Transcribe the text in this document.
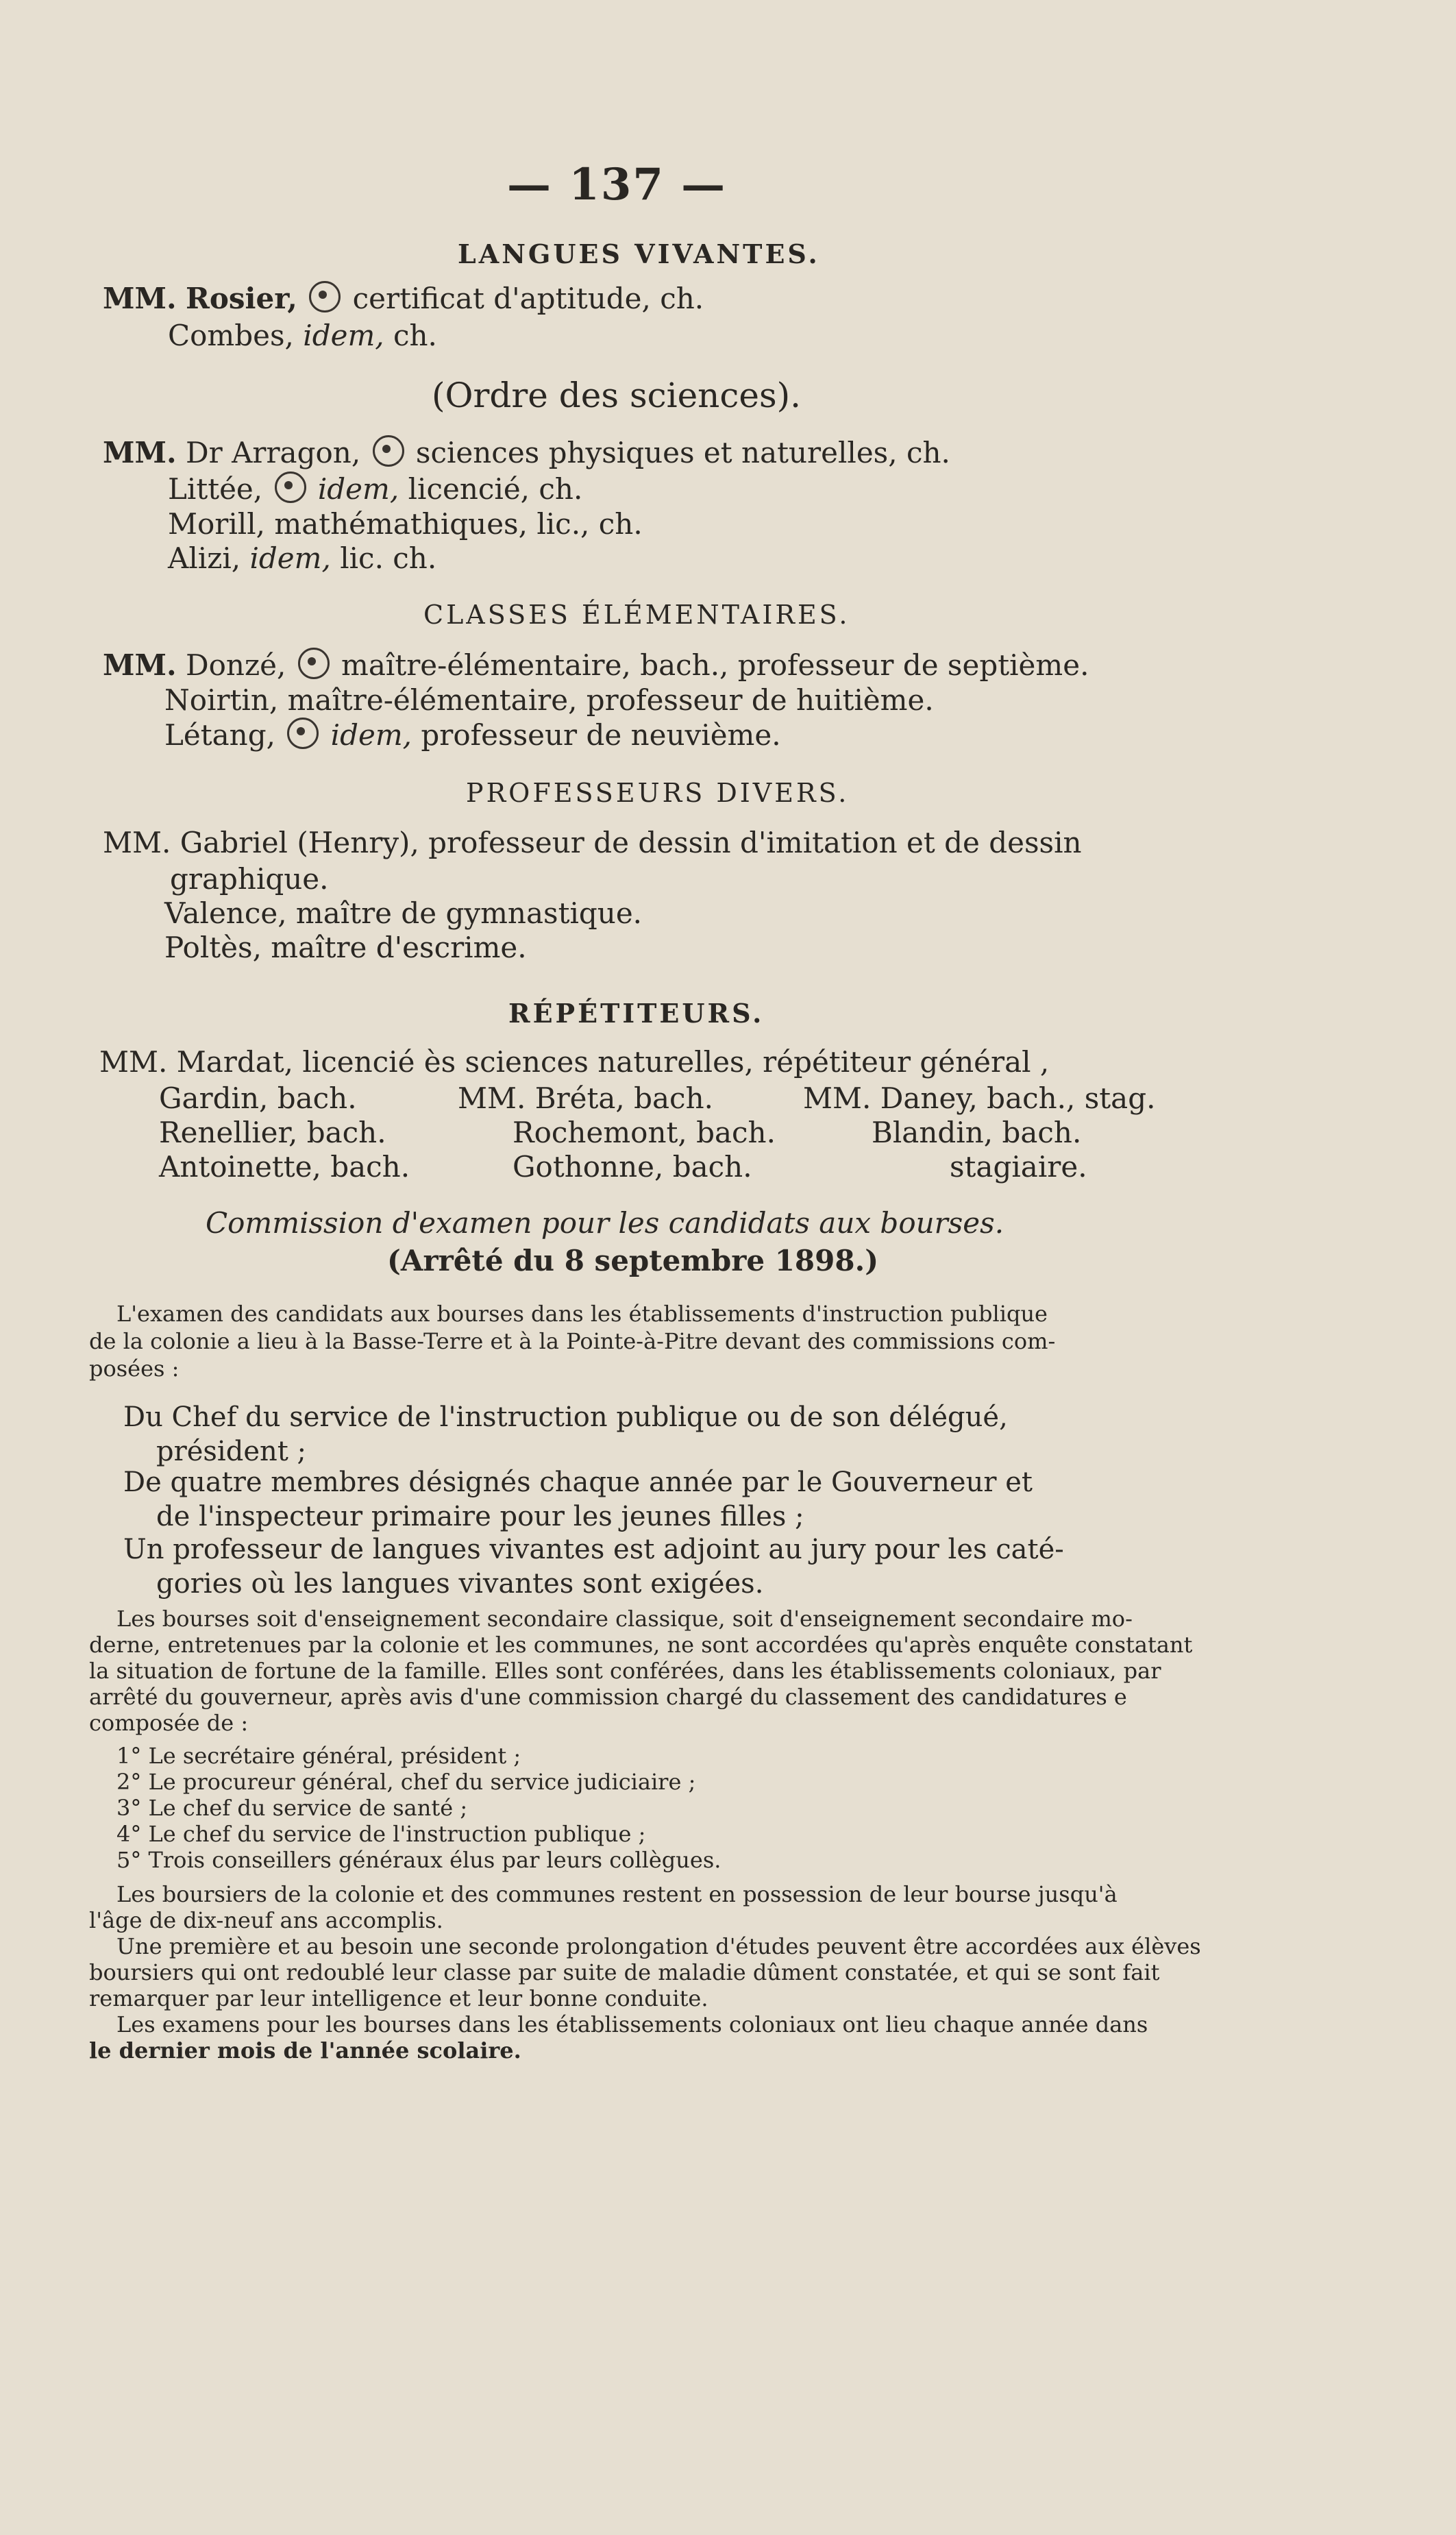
— 137 —
LANGUES VIVANTES.
MM. Rosier, certificat d'aptitude, ch.
Combes, idem, ch.
(Ordre des sciences).
MM. Dr Arragon, sciences physiques et naturelles, ch.
Littée, idem, licencié, ch.
Morill, mathémathiques, lic., ch.
Alizi, idem, lic. ch.
CLASSES ÉLÉMENTAIRES.
MM. Donzé, maître-élémentaire, bach., professeur de septième.
Noirtin, maître-élémentaire, professeur de huitième.
Létang, idem, professeur de neuvième.
PROFESSEURS DIVERS.
MM. Gabriel (Henry), professeur de dessin d'imitation et de dessin
graphique.
Valence, maître de gymnastique.
Poltès, maître d'escrime.
RÉPÉTITEURS.
MM. Mardat, licencié ès sciences naturelles, répétiteur général ,
Gardin, bach.	MM. Bréta, bach.	MM. Daney, bach., stag.
Renellier, bach.	Rochemont, bach.	Blandin, bach.
Antoinette, bach.	Gothonne, bach.	stagiaire.
Commission d'examen pour les candidats aux bourses.
(Arrêté du 8 septembre 1898.)
L'examen des candidats aux bourses dans les établissements d'instruction publique
de la colonie a lieu à la Basse-Terre et à la Pointe-à-Pitre devant des commissions com-
posées :
Du Chef du service de l'instruction publique ou de son délégué,
président ;
De quatre membres désignés chaque année par le Gouverneur et
de l'inspecteur primaire pour les jeunes filles ;
Un professeur de langues vivantes est adjoint au jury pour les caté-
gories où les langues vivantes sont exigées.
Les bourses soit d'enseignement secondaire classique, soit d'enseignement secondaire mo-
derne, entretenues par la colonie et les communes, ne sont accordées qu'après enquête constatant
la situation de fortune de la famille. Elles sont conférées, dans les établissements coloniaux, par
arrêté du gouverneur, après avis d'une commission chargé du classement des candidatures e
composée de :
1° Le secrétaire général, président ;
2° Le procureur général, chef du service judiciaire ;
3° Le chef du service de santé ;
4° Le chef du service de l'instruction publique ;
5° Trois conseillers généraux élus par leurs collègues.
Les boursiers de la colonie et des communes restent en possession de leur bourse jusqu'à
l'âge de dix-neuf ans accomplis.
Une première et au besoin une seconde prolongation d'études peuvent être accordées aux élèves
boursiers qui ont redoublé leur classe par suite de maladie dûment constatée, et qui se sont fait
remarquer par leur intelligence et leur bonne conduite.
Les examens pour les bourses dans les établissements coloniaux ont lieu chaque année dans
le dernier mois de l'année scolaire.
